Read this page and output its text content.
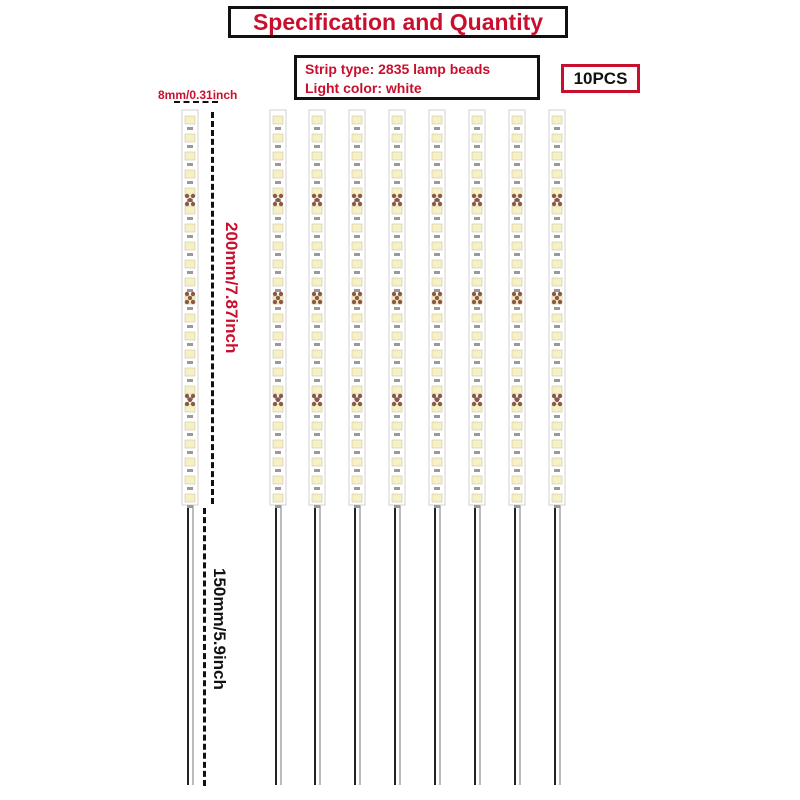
Specification and Quantity
Strip type: 2835 lamp beads
Light color: white
10PCS
8mm/0.31inch
200mm/7.87inch
150mm/5.9inch
